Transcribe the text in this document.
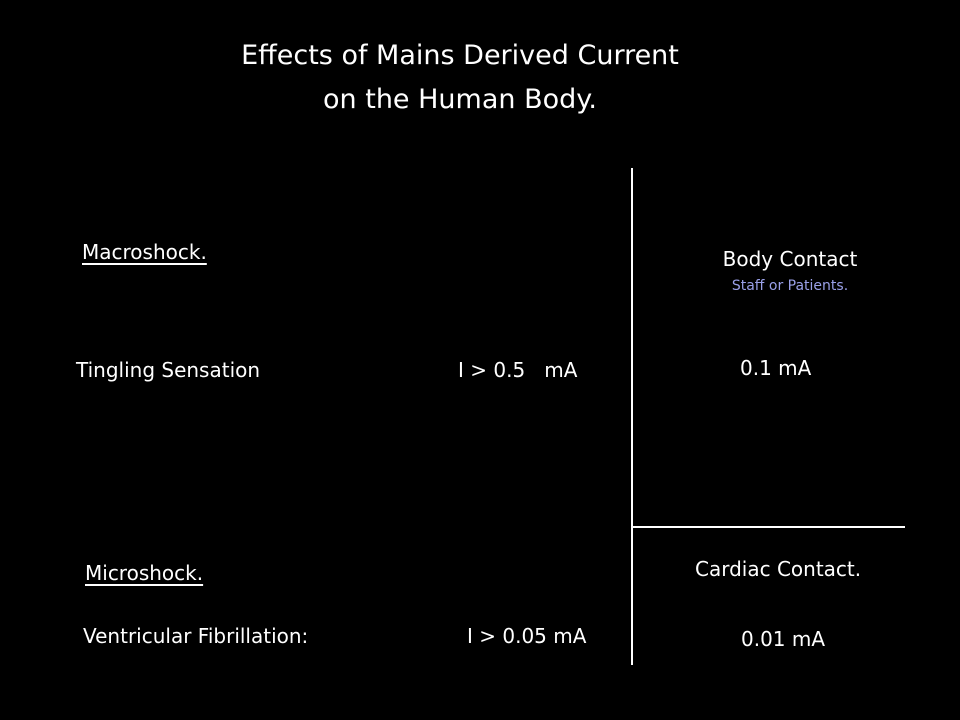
Effects of Mains Derived Current
on the Human Body.
Macroshock.
Tingling Sensation	I > 0.5   mA
Microshock.
Ventricular Fibrillation:	I > 0.05 mA
Body Contact
Staff or Patients.
0.1 mA
Cardiac Contact.
0.01 mA
